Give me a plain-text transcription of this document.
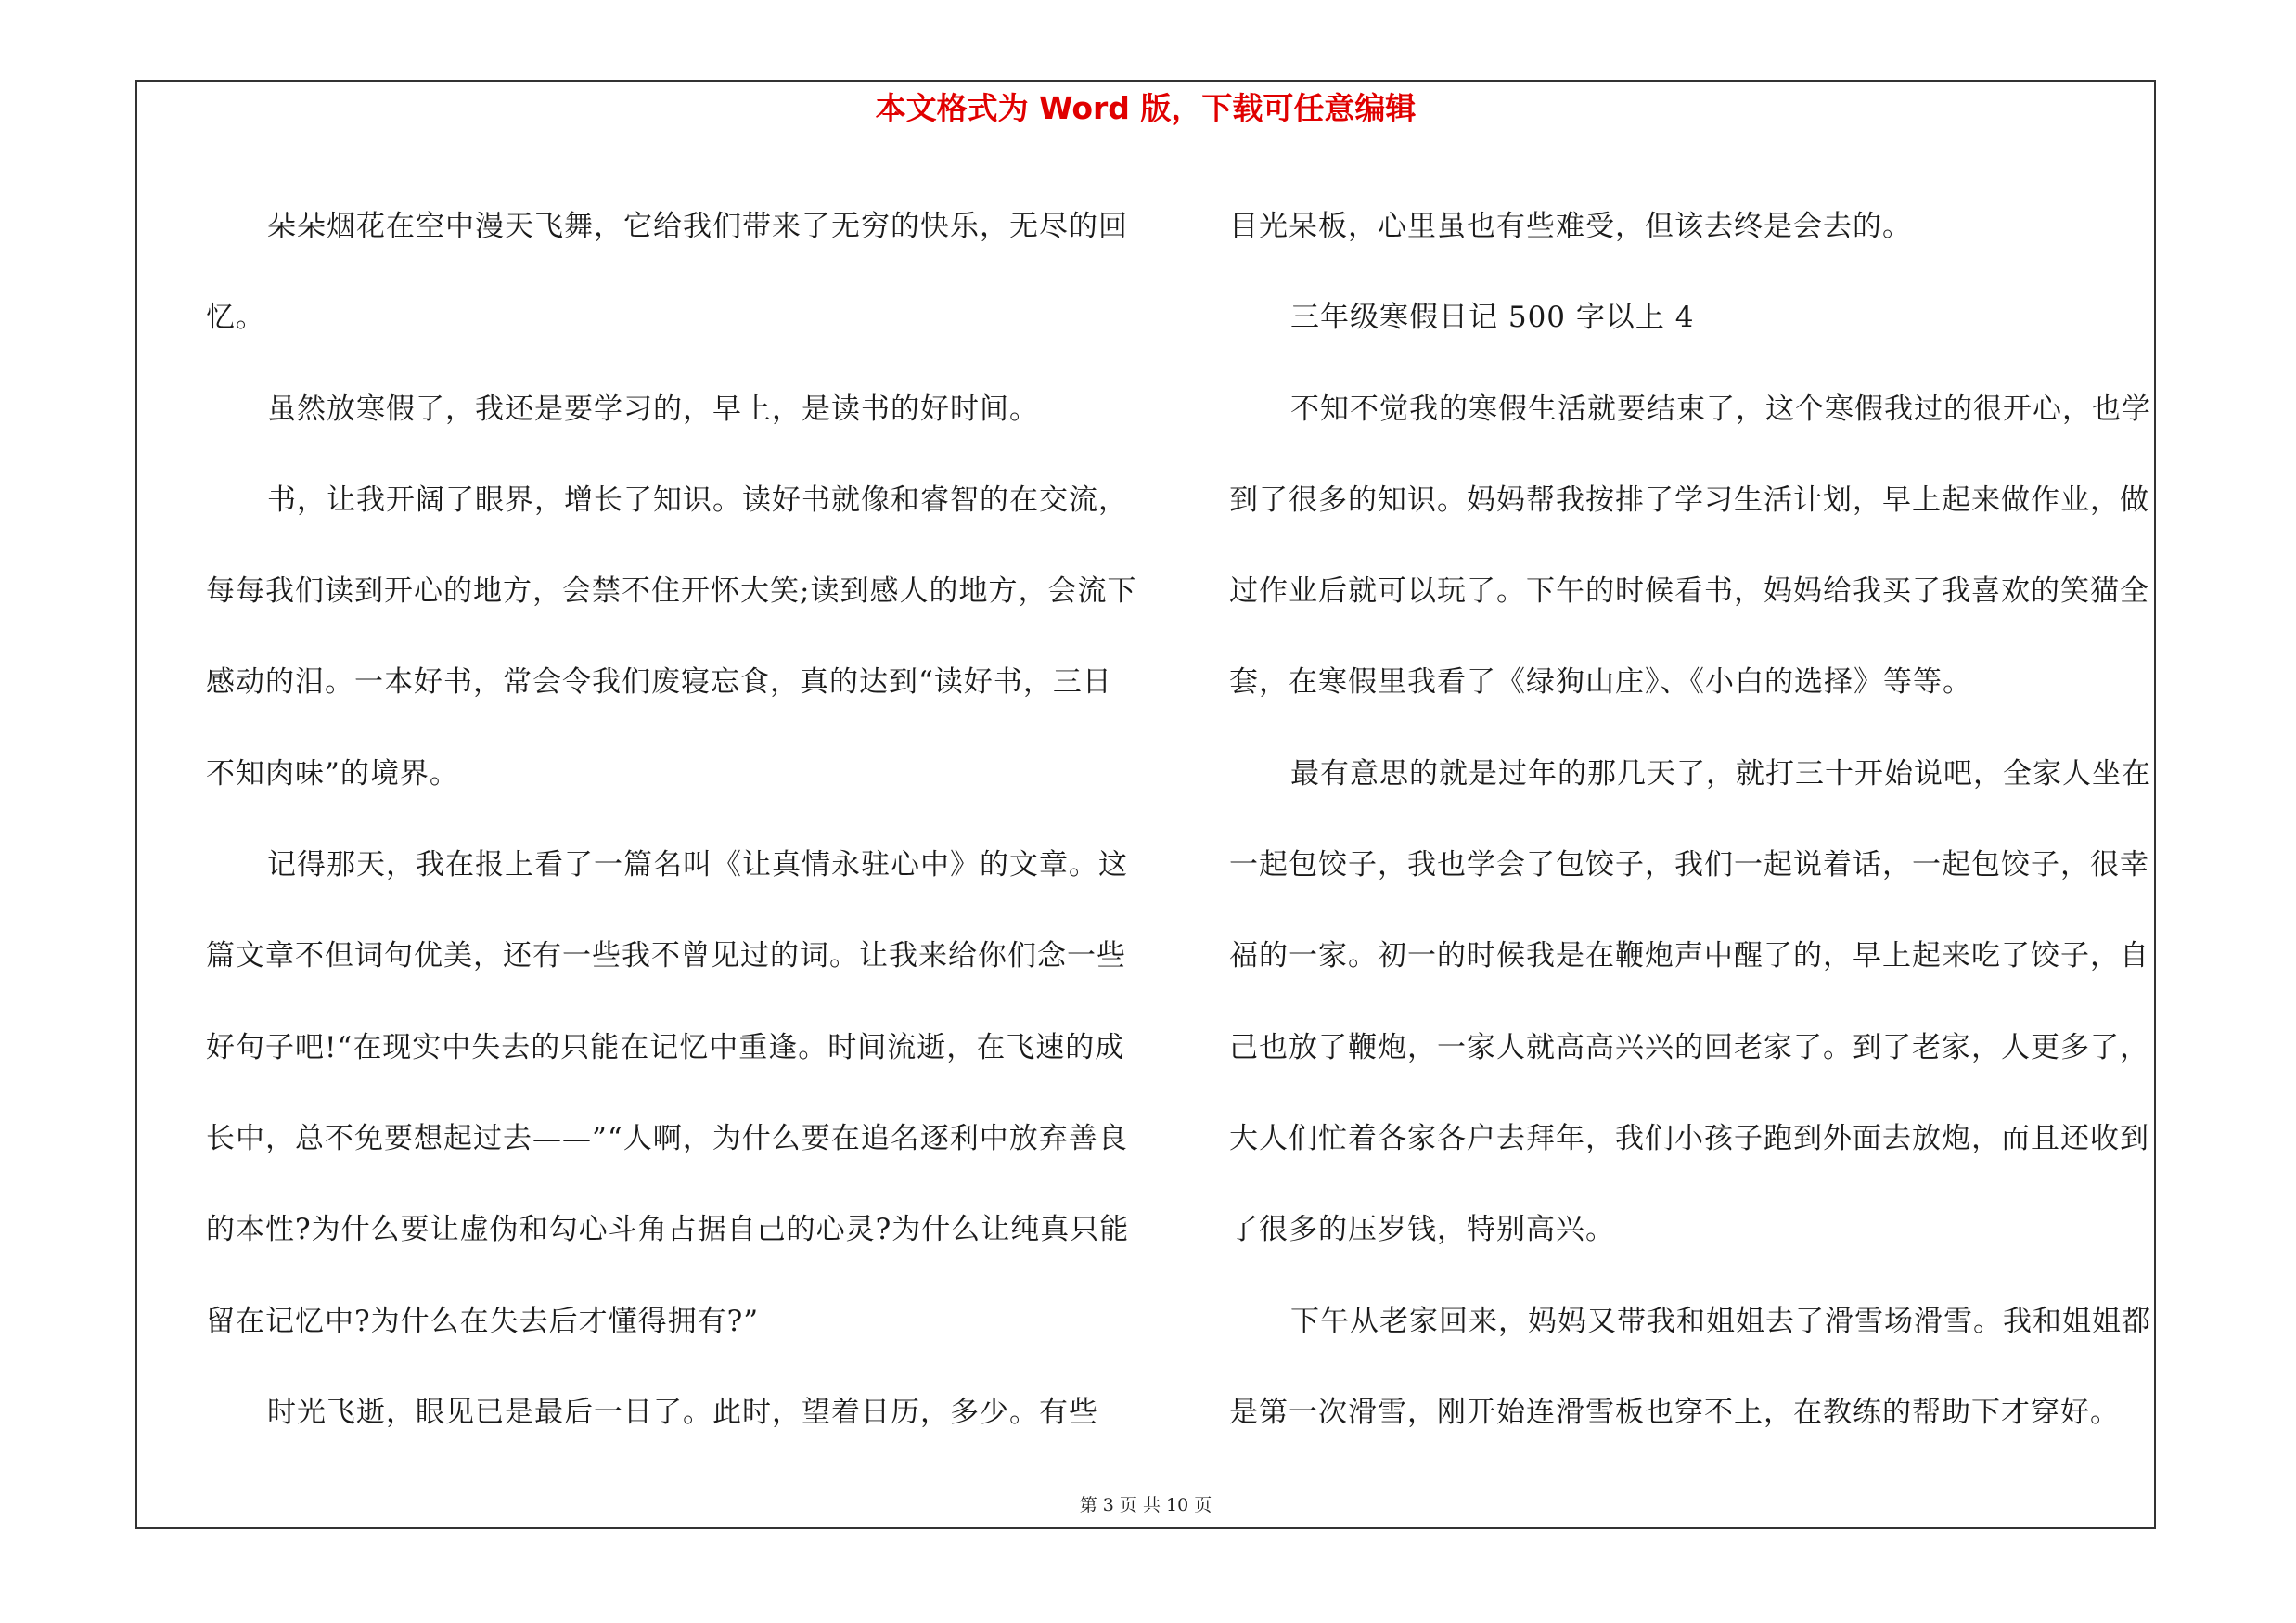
本文格式为 Word 版，下载可任意编辑

朵朵烟花在空中漫天飞舞，它给我们带来了无穷的快乐，无尽的回忆。

虽然放寒假了，我还是要学习的，早上，是读书的好时间。

书，让我开阔了眼界，增长了知识。读好书就像和睿智的在交流，每每我们读到开心的地方，会禁不住开怀大笑;读到感人的地方，会流下感动的泪。一本好书，常会令我们废寝忘食，真的达到“读好书，三日不知肉味”的境界。

记得那天，我在报上看了一篇名叫《让真情永驻心中》的文章。这篇文章不但词句优美，还有一些我不曾见过的词。让我来给你们念一些好句子吧!“在现实中失去的只能在记忆中重逢。时间流逝，在飞速的成长中，总不免要想起过去——”“人啊，为什么要在追名逐利中放弃善良的本性?为什么要让虚伪和勾心斗角占据自己的心灵?为什么让纯真只能留在记忆中?为什么在失去后才懂得拥有?”

时光飞逝，眼见已是最后一日了。此时，望着日历，多少。有些

目光呆板，心里虽也有些难受，但该去终是会去的。

三年级寒假日记 500 字以上 4

不知不觉我的寒假生活就要结束了，这个寒假我过的很开心，也学到了很多的知识。妈妈帮我按排了学习生活计划，早上起来做作业，做过作业后就可以玩了。下午的时候看书，妈妈给我买了我喜欢的笑猫全套，在寒假里我看了《绿狗山庄》、《小白的选择》等等。

最有意思的就是过年的那几天了，就打三十开始说吧，全家人坐在一起包饺子，我也学会了包饺子，我们一起说着话，一起包饺子，很幸福的一家。初一的时候我是在鞭炮声中醒了的，早上起来吃了饺子，自己也放了鞭炮，一家人就高高兴兴的回老家了。到了老家，人更多了，大人们忙着各家各户去拜年，我们小孩子跑到外面去放炮，而且还收到了很多的压岁钱，特别高兴。

下午从老家回来，妈妈又带我和姐姐去了滑雪场滑雪。我和姐姐都是第一次滑雪，刚开始连滑雪板也穿不上，在教练的帮助下才穿好。

第 3 页 共 10 页
